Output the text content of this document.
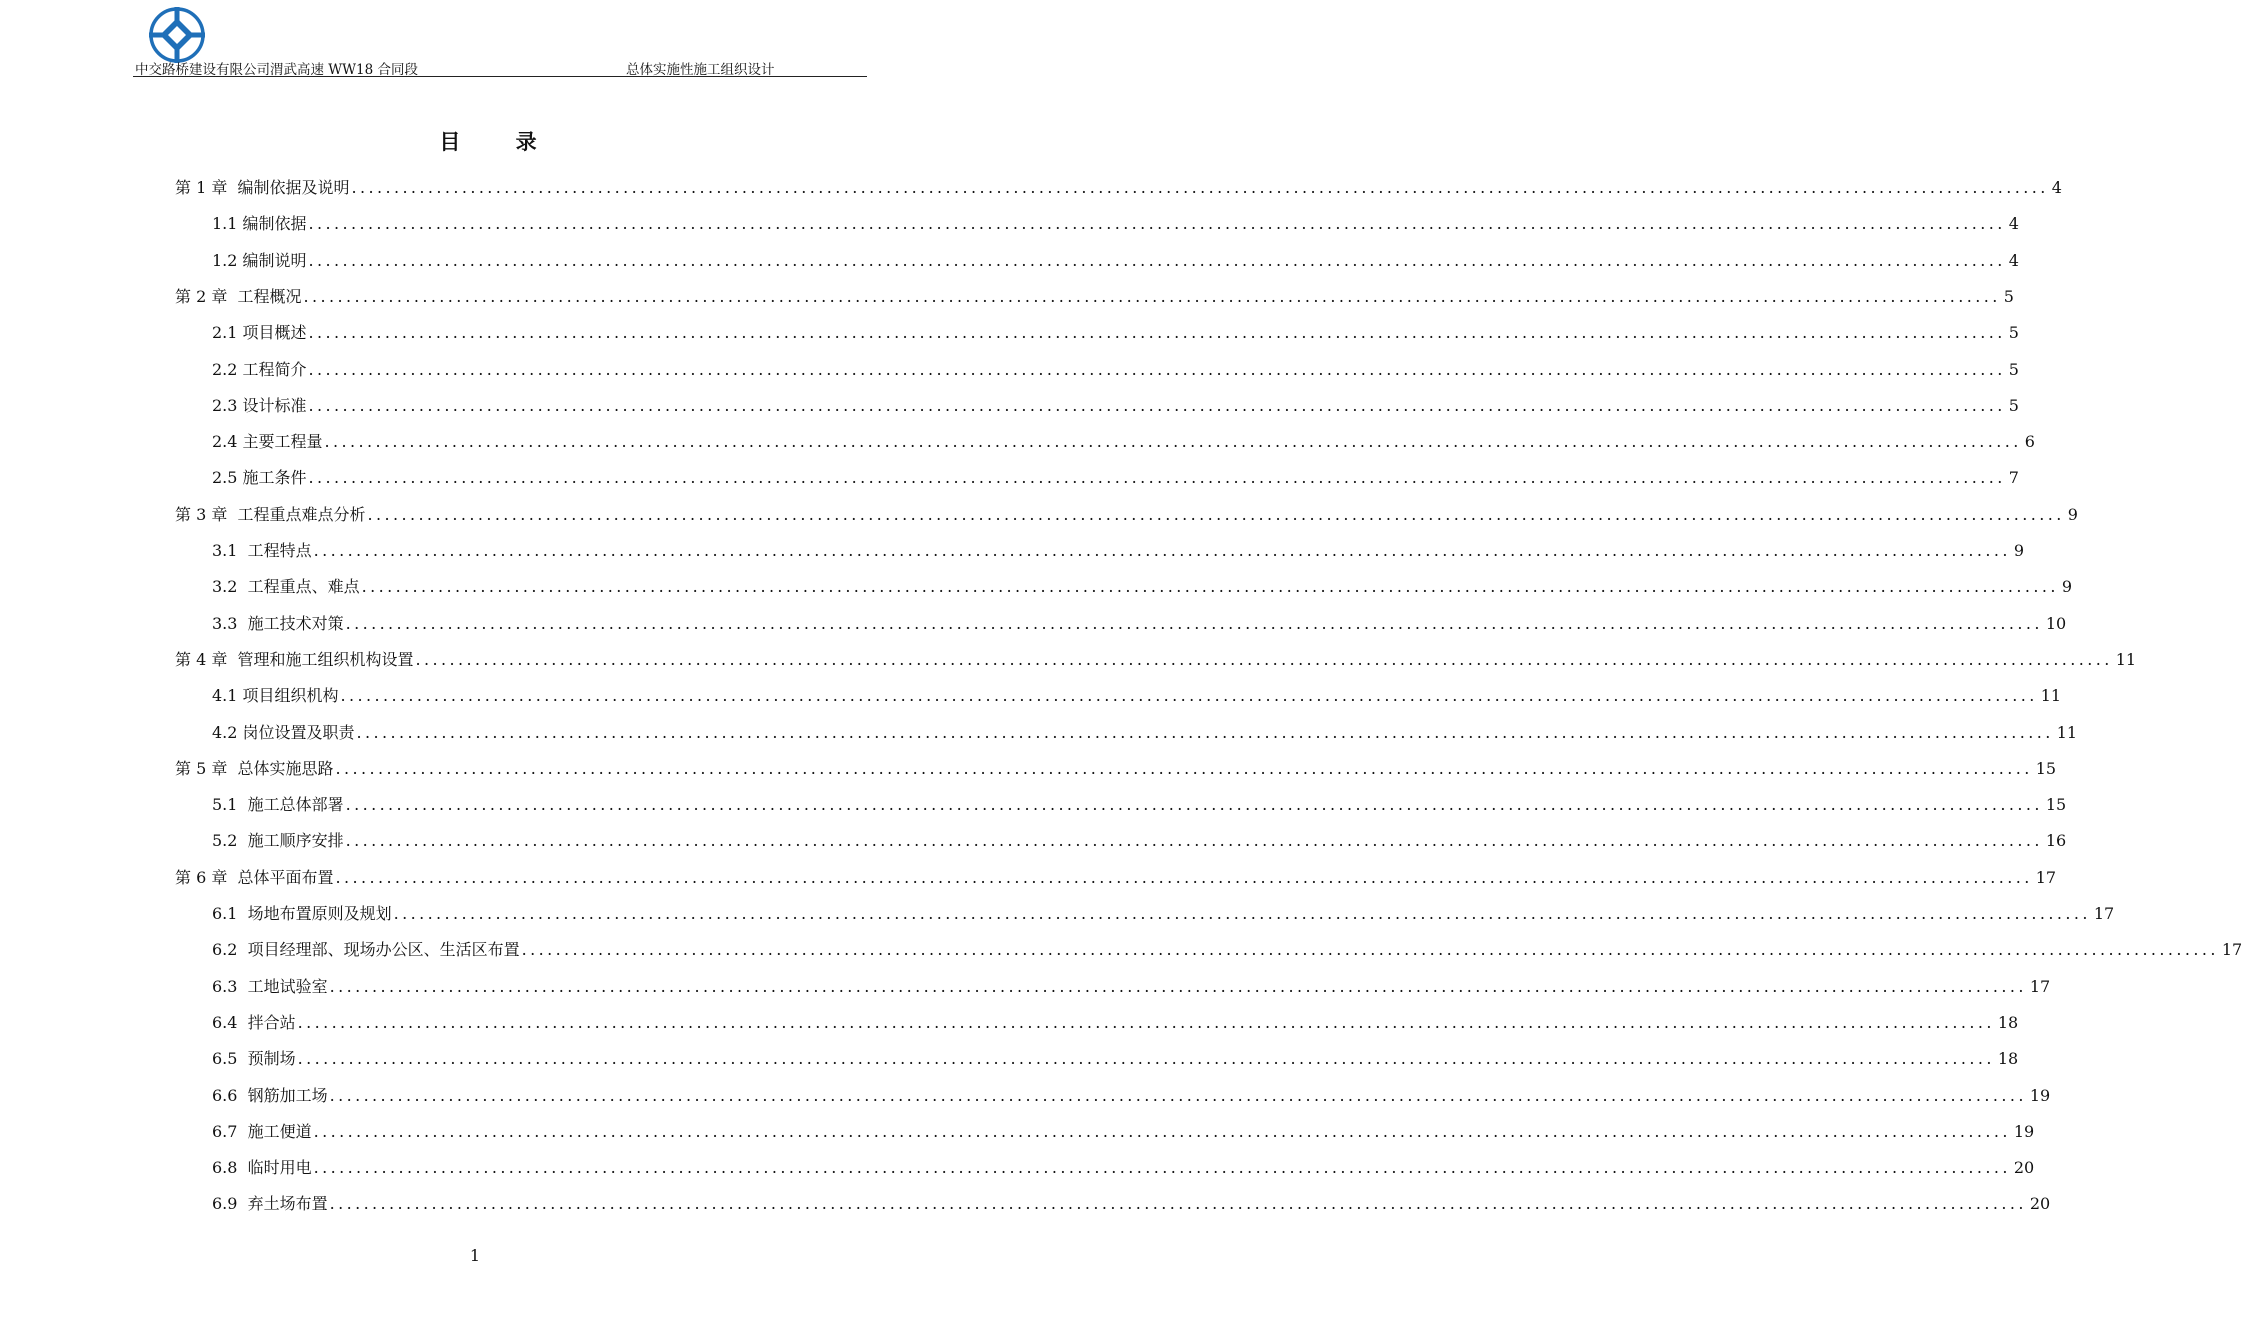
中交路桥建设有限公司渭武高速 WW18 合同段	总体实施性施工组织设计
目 录
第 1 章  编制依据及说明 ........................................................................................................................................................................................................ 4
1.1 编制依据 ........................................................................................................................................................................................................ 4
1.2 编制说明 ........................................................................................................................................................................................................ 4
第 2 章  工程概况 ........................................................................................................................................................................................................ 5
2.1 项目概述 ........................................................................................................................................................................................................ 5
2.2 工程简介 ........................................................................................................................................................................................................ 5
2.3 设计标准 ........................................................................................................................................................................................................ 5
2.4 主要工程量 ........................................................................................................................................................................................................ 6
2.5 施工条件 ........................................................................................................................................................................................................ 7
第 3 章  工程重点难点分析 ........................................................................................................................................................................................................ 9
3.1  工程特点 ........................................................................................................................................................................................................ 9
3.2  工程重点、难点 ........................................................................................................................................................................................................ 9
3.3  施工技术对策 ........................................................................................................................................................................................................ 10
第 4 章  管理和施工组织机构设置 ........................................................................................................................................................................................................ 11
4.1 项目组织机构 ........................................................................................................................................................................................................ 11
4.2 岗位设置及职责 ........................................................................................................................................................................................................ 11
第 5 章  总体实施思路 ........................................................................................................................................................................................................ 15
5.1  施工总体部署 ........................................................................................................................................................................................................ 15
5.2  施工顺序安排 ........................................................................................................................................................................................................ 16
第 6 章  总体平面布置 ........................................................................................................................................................................................................ 17
6.1  场地布置原则及规划 ........................................................................................................................................................................................................ 17
6.2  项目经理部、现场办公区、生活区布置 ........................................................................................................................................................................................................ 17
6.3  工地试验室 ........................................................................................................................................................................................................ 17
6.4  拌合站 ........................................................................................................................................................................................................ 18
6.5  预制场 ........................................................................................................................................................................................................ 18
6.6  钢筋加工场 ........................................................................................................................................................................................................ 19
6.7  施工便道 ........................................................................................................................................................................................................ 19
6.8  临时用电 ........................................................................................................................................................................................................ 20
6.9  弃土场布置 ........................................................................................................................................................................................................ 20
1
